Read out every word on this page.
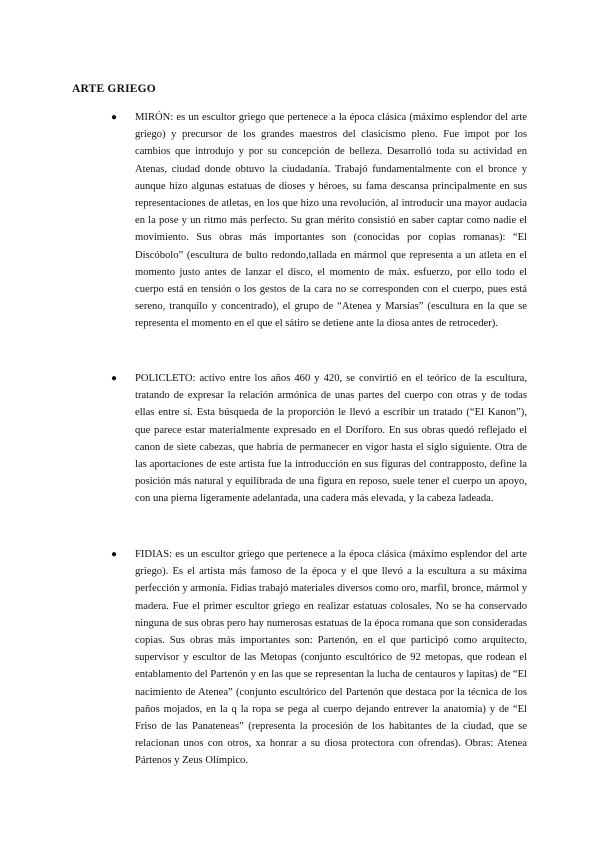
ARTE GRIEGO
●	MIRÓN: es un escultor griego que pertenece a la época clásica (máximo esplendor del arte griego) y precursor de los grandes maestros del clasicismo pleno. Fue impot por los cambios que introdujo y por su concepción de belleza. Desarrolló toda su actividad en Atenas, ciudad donde obtuvo la ciudadanía. Trabajó fundamentalmente con el bronce y aunque hizo algunas estatuas de dioses y héroes, su fama descansa principalmente en sus representaciones de atletas, en los que hizo una revolución, al introducir una mayor audacia en la pose y un ritmo más perfecto. Su gran mérito consistió en saber captar como nadie el movimiento. Sus obras más importantes son (conocidas por copias romanas): “El Discóbolo” (escultura de bulto redondo,tallada en mármol que representa a un atleta en el momento justo antes de lanzar el disco, el momento de máx. esfuerzo, por ello todo el cuerpo está en tensión o los gestos de la cara no se corresponden con el cuerpo, pues está sereno, tranquilo y concentrado), el grupo de “Atenea y Marsias” (escultura en la que se representa el momento en el que el sátiro se detiene ante la diosa antes de retroceder).

●	POLICLETO: activo entre los años 460 y 420, se convirtió en el teórico de la escultura, tratando de expresar la relación armónica de unas partes del cuerpo con otras y de todas ellas entre sí. Esta búsqueda de la proporción le llevó a escribir un tratado (“El Kanon”), que parece estar materialmente expresado en el Doríforo. En sus obras quedó reflejado el canon de siete cabezas, que habría de permanecer en vigor hasta el siglo siguiente. Otra de las aportaciones de este artista fue la introducción en sus figuras del contrapposto, define la posición más natural y equilibrada de una figura en reposo, suele tener el cuerpo un apoyo, con una pierna ligeramente adelantada, una cadera más elevada, y la cabeza ladeada.

●	FIDIAS: es un escultor griego que pertenece a la época clásica (máximo esplendor del arte griego). Es el artista más famoso de la época y el que llevó a la escultura a su máxima perfección y armonía. Fidias trabajó materiales diversos como oro, marfil, bronce, mármol y madera. Fue el primer escultor griego en realizar estatuas colosales. No se ha conservado ninguna de sus obras pero hay numerosas estatuas de la época romana que son consideradas copias. Sus obras más importantes son: Partenón, en el que participó como arquitecto, supervisor y escultor de las Metopas (conjunto escultórico de 92 metopas, que rodean el entablamento del Partenón y en las que se representan la lucha de centauros y lapitas) de “El nacimiento de Atenea” (conjunto escultórico del Partenón que destaca por la técnica de los paños mojados, en la q la ropa se pega al cuerpo dejando entrever la anatomía) y de “El Friso de las Panateneas” (representa la procesión de los habitantes de la ciudad, que se relacionan unos con otros, xa honrar a su diosa protectora con ofrendas). Obras: Atenea Pártenos y Zeus Olímpico.
